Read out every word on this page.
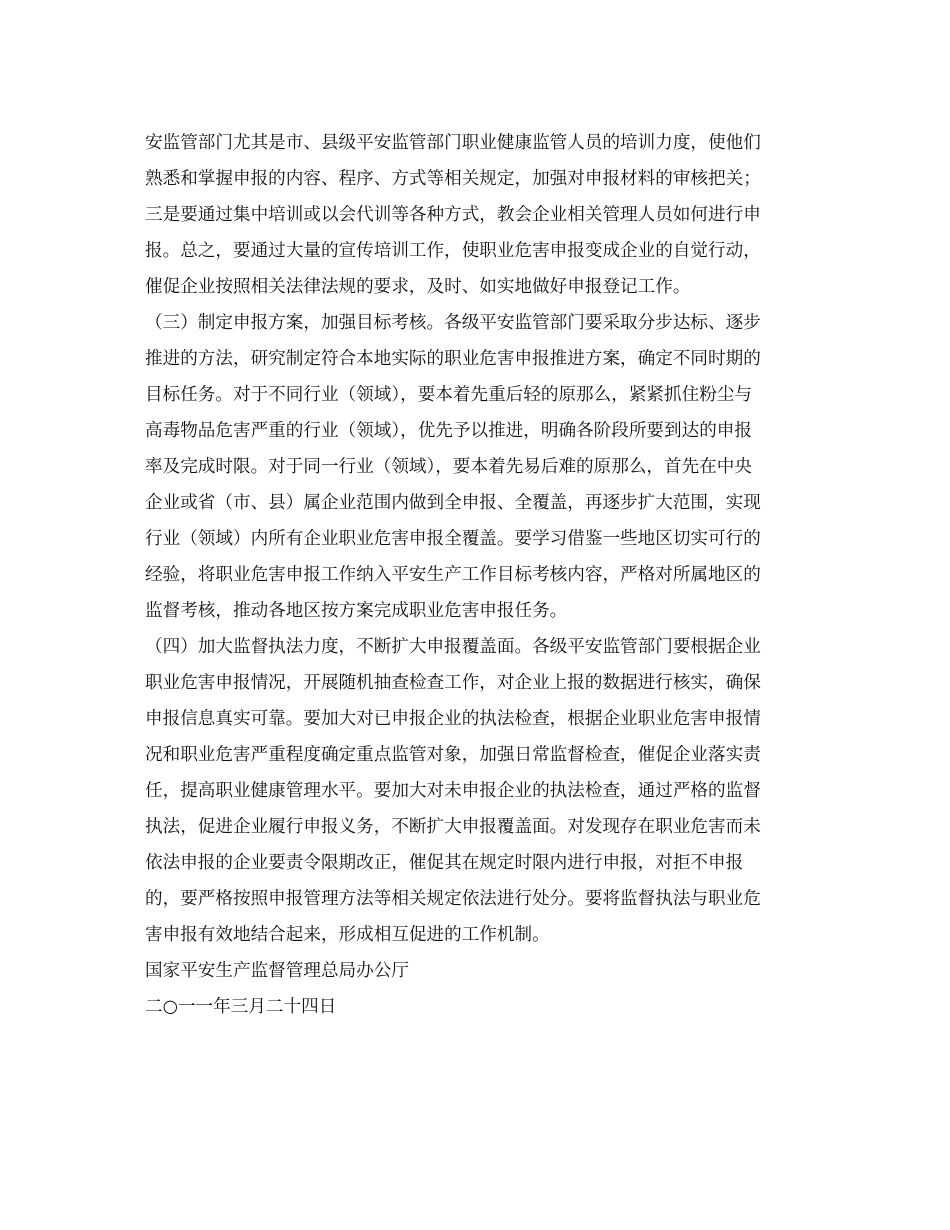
安监管部门尤其是市、县级平安监管部门职业健康监管人员的培训力度，使他们

熟悉和掌握申报的内容、程序、方式等相关规定，加强对申报材料的审核把关；

三是要通过集中培训或以会代训等各种方式，教会企业相关管理人员如何进行申

报。总之，要通过大量的宣传培训工作，使职业危害申报变成企业的自觉行动，

催促企业按照相关法律法规的要求，及时、如实地做好申报登记工作。

（三）制定申报方案，加强目标考核。各级平安监管部门要采取分步达标、逐步

推进的方法，研究制定符合本地实际的职业危害申报推进方案，确定不同时期的

目标任务。对于不同行业（领域），要本着先重后轻的原那么，紧紧抓住粉尘与

高毒物品危害严重的行业（领域），优先予以推进，明确各阶段所要到达的申报

率及完成时限。对于同一行业（领域），要本着先易后难的原那么，首先在中央

企业或省（市、县）属企业范围内做到全申报、全覆盖，再逐步扩大范围，实现

行业（领域）内所有企业职业危害申报全覆盖。要学习借鉴一些地区切实可行的

经验，将职业危害申报工作纳入平安生产工作目标考核内容，严格对所属地区的

监督考核，推动各地区按方案完成职业危害申报任务。

（四）加大监督执法力度，不断扩大申报覆盖面。各级平安监管部门要根据企业

职业危害申报情况，开展随机抽查检查工作，对企业上报的数据进行核实，确保

申报信息真实可靠。要加大对已申报企业的执法检查，根据企业职业危害申报情

况和职业危害严重程度确定重点监管对象，加强日常监督检查，催促企业落实责

任，提高职业健康管理水平。要加大对未申报企业的执法检查，通过严格的监督

执法，促进企业履行申报义务，不断扩大申报覆盖面。对发现存在职业危害而未

依法申报的企业要责令限期改正，催促其在规定时限内进行申报，对拒不申报

的，要严格按照申报管理方法等相关规定依法进行处分。要将监督执法与职业危

害申报有效地结合起来，形成相互促进的工作机制。

国家平安生产监督管理总局办公厅

二○一一年三月二十四日
